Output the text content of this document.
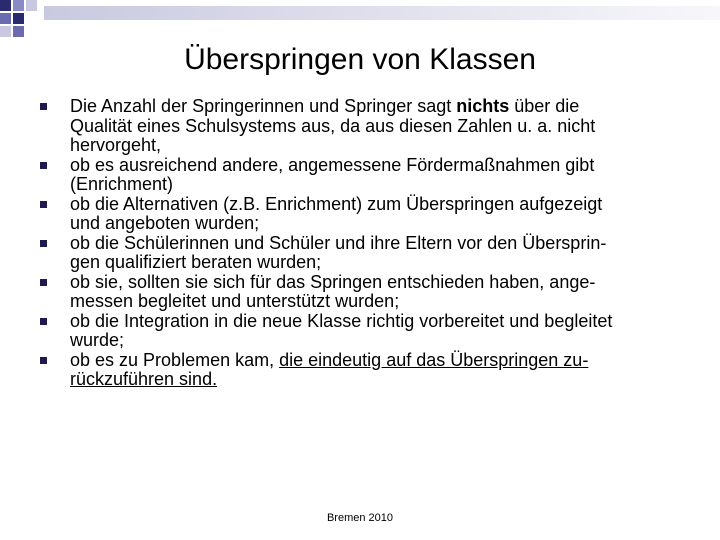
Überspringen von Klassen
Die Anzahl der Springerinnen und Springer sagt nichts über die
Qualität eines Schulsystems aus, da aus diesen Zahlen u. a. nicht
hervorgeht,
ob es ausreichend andere, angemessene Fördermaßnahmen gibt
(Enrichment)
ob die Alternativen (z.B. Enrichment) zum Überspringen aufgezeigt
und angeboten wurden;
ob die Schülerinnen und Schüler und ihre Eltern vor den Übersprin-
gen qualifiziert beraten wurden;
ob sie, sollten sie sich für das Springen entschieden haben, ange-
messen begleitet und unterstützt wurden;
ob die Integration in die neue Klasse richtig vorbereitet und begleitet
wurde;
ob es zu Problemen kam, die eindeutig auf das Überspringen zu-
rückzuführen sind.
Bremen 2010
